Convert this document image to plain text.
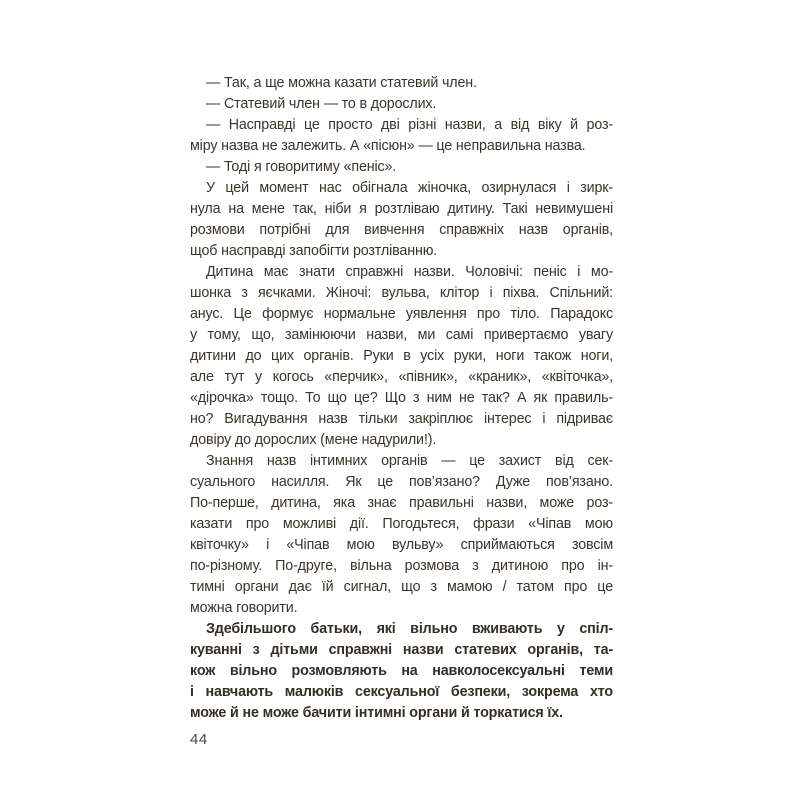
— Так, а ще можна казати статевий член.
— Статевий член — то в дорослих.
— Насправді це просто дві різні назви, а від віку й роз-
міру назва не залежить. А «пісюн» — це неправильна назва.
— Тоді я говоритиму «пеніс».
У цей момент нас обігнала жіночка, озирнулася і зирк-
нула на мене так, ніби я розтліваю дитину. Такі невимушені
розмови потрібні для вивчення справжніх назв органів,
щоб насправді запобігти розтліванню.
Дитина має знати справжні назви. Чоловічі: пеніс і мо-
шонка з яєчками. Жіночі: вульва, клітор і піхва. Спільний:
анус. Це формує нормальне уявлення про тіло. Парадокс
у тому, що, замінюючи назви, ми самі привертаємо увагу
дитини до цих органів. Руки в усіх руки, ноги також ноги,
але тут у когось «перчик», «півник», «краник», «квіточка»,
«дірочка» тощо. То що це? Що з ним не так? А як правиль-
но? Вигадування назв тільки закріплює інтерес і підриває
довіру до дорослих (мене надурили!).
Знання назв інтимних органів — це захист від сек-
суального насилля. Як це пов’язано? Дуже пов’язано.
По-перше, дитина, яка знає правильні назви, може роз-
казати про можливі дії. Погодьтеся, фрази «Чіпав мою
квіточку» і «Чіпав мою вульву» сприймаються зовсім
по-різному. По-друге, вільна розмова з дитиною про ін-
тимні органи дає їй сигнал, що з мамою / татом про це
можна говорити.
Здебільшого батьки, які вільно вживають у спіл-
куванні з дітьми справжні назви статевих органів, та-
кож вільно розмовляють на навколосексуальні теми
і навчають малюків сексуальної безпеки, зокрема хто
може й не може бачити інтимні органи й торкатися їх.
44
